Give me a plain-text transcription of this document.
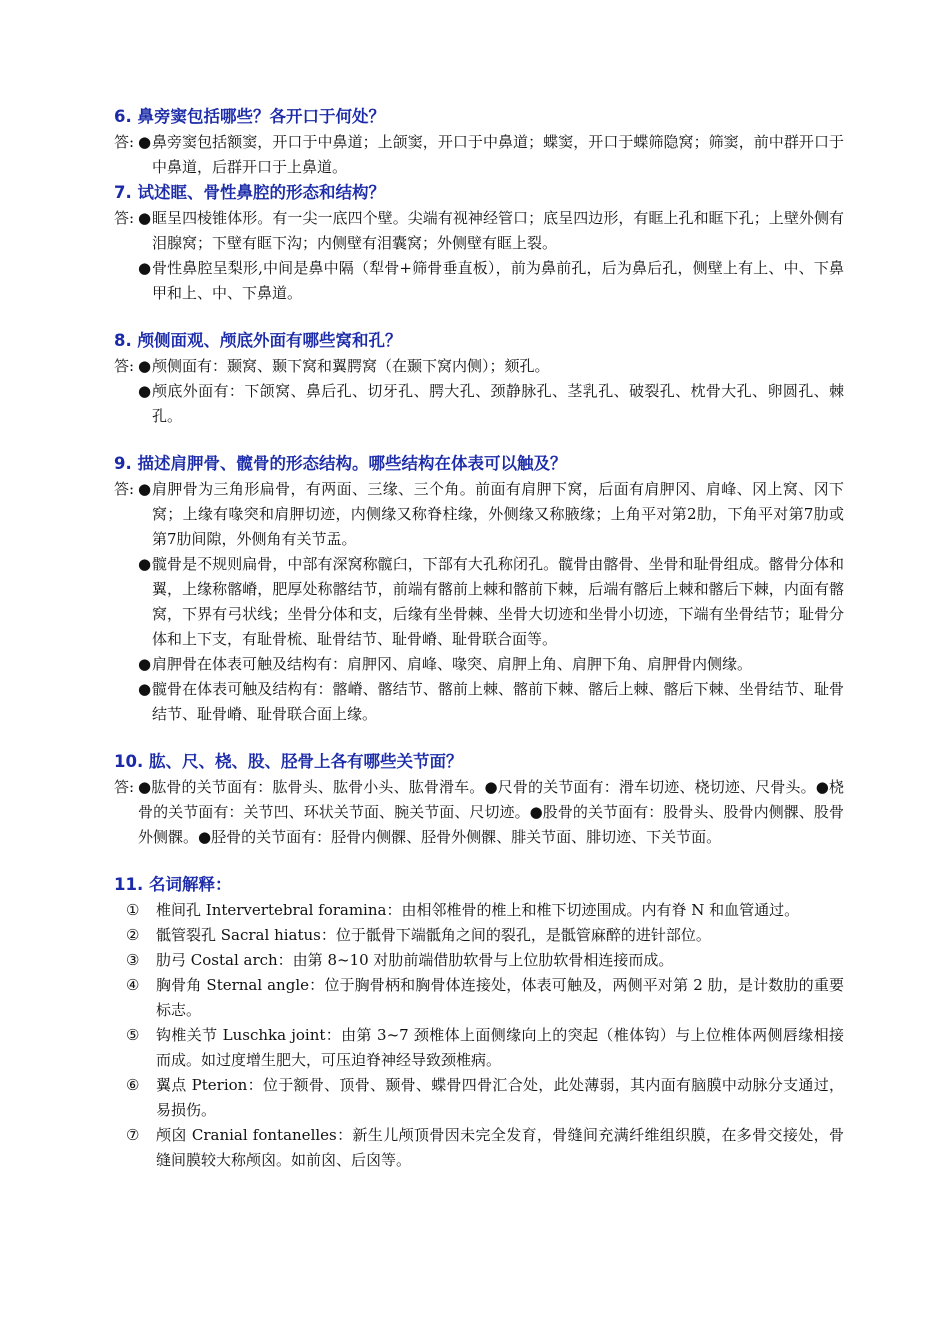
6. 鼻旁窦包括哪些？各开口于何处？
答: ● 鼻旁窦包括额窦，开口于中鼻道；上颌窦，开口于中鼻道；蝶窦，开口于蝶筛隐窝；筛窦，前中群开口于中鼻道，后群开口于上鼻道。
7. 试述眶、骨性鼻腔的形态和结构？
答: ● 眶呈四棱锥体形。有一尖一底四个壁。尖端有视神经管口；底呈四边形，有眶上孔和眶下孔；上壁外侧有泪腺窝；下壁有眶下沟；内侧壁有泪囊窝；外侧壁有眶上裂。
● 骨性鼻腔呈梨形,中间是鼻中隔（犁骨+筛骨垂直板），前为鼻前孔，后为鼻后孔，侧壁上有上、中、下鼻甲和上、中、下鼻道。
8. 颅侧面观、颅底外面有哪些窝和孔？
答: ● 颅侧面有：颞窝、颞下窝和翼腭窝（在颞下窝内侧）；颏孔。
● 颅底外面有：下颌窝、鼻后孔、切牙孔、腭大孔、颈静脉孔、茎乳孔、破裂孔、枕骨大孔、卵圆孔、棘孔。
9. 描述肩胛骨、髋骨的形态结构。哪些结构在体表可以触及？
答: ● 肩胛骨为三角形扁骨，有两面、三缘、三个角。前面有肩胛下窝，后面有肩胛冈、肩峰、冈上窝、冈下窝；上缘有喙突和肩胛切迹，内侧缘又称脊柱缘，外侧缘又称腋缘；上角平对第2肋，下角平对第7肋或第7肋间隙，外侧角有关节盂。
● 髋骨是不规则扁骨，中部有深窝称髋臼，下部有大孔称闭孔。髋骨由髂骨、坐骨和耻骨组成。髂骨分体和翼，上缘称髂嵴，肥厚处称髂结节，前端有髂前上棘和髂前下棘，后端有髂后上棘和髂后下棘，内面有髂窝，下界有弓状线；坐骨分体和支，后缘有坐骨棘、坐骨大切迹和坐骨小切迹，下端有坐骨结节；耻骨分体和上下支，有耻骨梳、耻骨结节、耻骨嵴、耻骨联合面等。
● 肩胛骨在体表可触及结构有：肩胛冈、肩峰、喙突、肩胛上角、肩胛下角、肩胛骨内侧缘。
● 髋骨在体表可触及结构有：髂嵴、髂结节、髂前上棘、髂前下棘、髂后上棘、髂后下棘、坐骨结节、耻骨结节、耻骨嵴、耻骨联合面上缘。
10. 肱、尺、桡、股、胫骨上各有哪些关节面？
答: ●肱骨的关节面有：肱骨头、肱骨小头、肱骨滑车。●尺骨的关节面有：滑车切迹、桡切迹、尺骨头。●桡骨的关节面有：关节凹、环状关节面、腕关节面、尺切迹。●股骨的关节面有：股骨头、股骨内侧髁、股骨外侧髁。●胫骨的关节面有：胫骨内侧髁、胫骨外侧髁、腓关节面、腓切迹、下关节面。
11. 名词解释：
①	椎间孔 Intervertebral foramina：由相邻椎骨的椎上和椎下切迹围成。内有脊 N 和血管通过。
②	骶管裂孔 Sacral hiatus：位于骶骨下端骶角之间的裂孔，是骶管麻醉的进针部位。
③	肋弓 Costal arch：由第 8~10 对肋前端借肋软骨与上位肋软骨相连接而成。
④	胸骨角 Sternal angle：位于胸骨柄和胸骨体连接处，体表可触及，两侧平对第 2 肋，是计数肋的重要标志。
⑤	钩椎关节 Luschka joint：由第 3~7 颈椎体上面侧缘向上的突起（椎体钩）与上位椎体两侧唇缘相接而成。如过度增生肥大，可压迫脊神经导致颈椎病。
⑥	翼点 Pterion：位于额骨、顶骨、颞骨、蝶骨四骨汇合处，此处薄弱，其内面有脑膜中动脉分支通过，易损伤。
⑦	颅囟 Cranial fontanelles：新生儿颅顶骨因未完全发育，骨缝间充满纤维组织膜，在多骨交接处，骨缝间膜较大称颅囟。如前囟、后囟等。
